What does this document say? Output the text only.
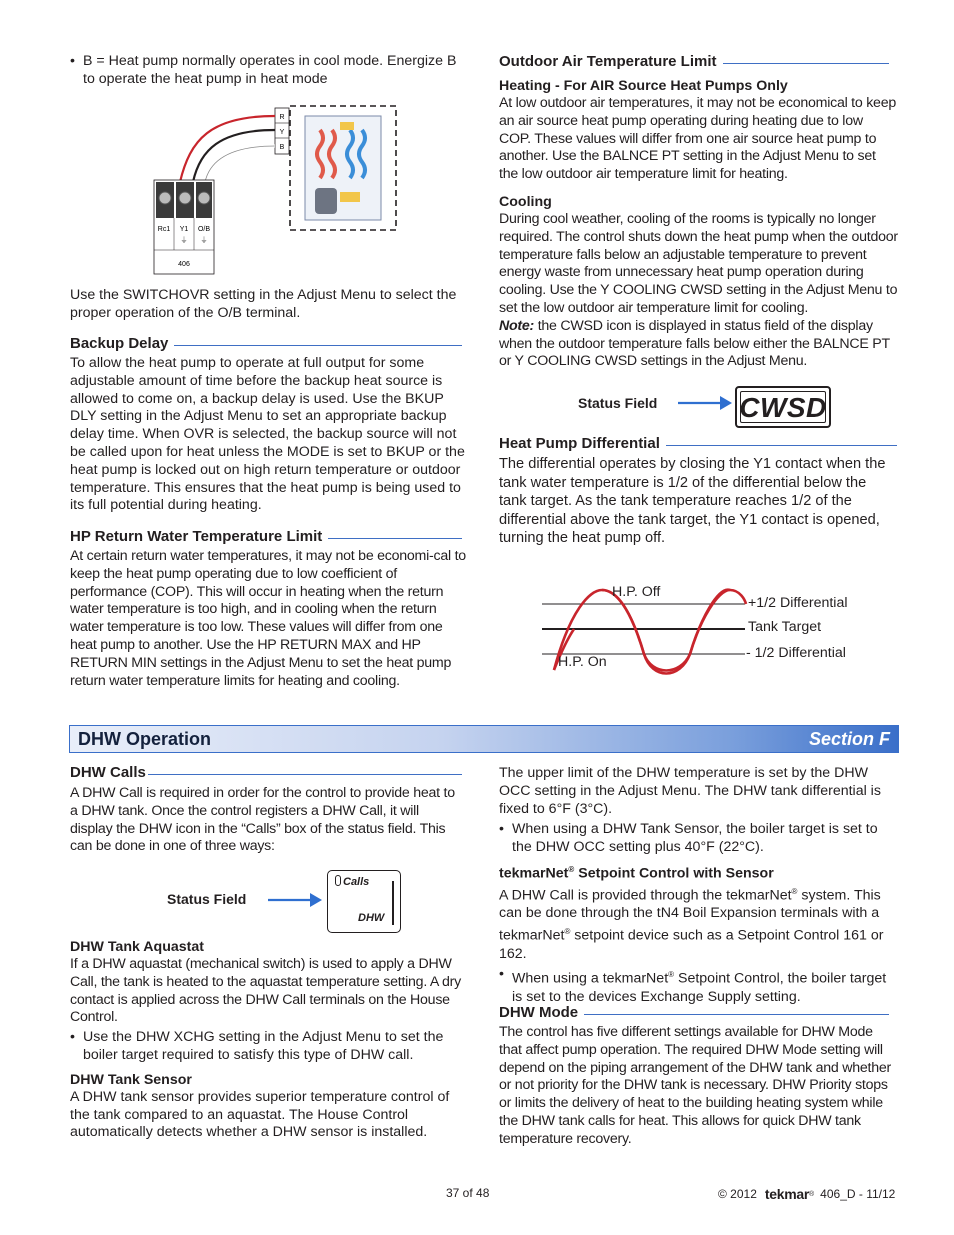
• B = Heat pump normally operates in cool mode. Energize B to operate the heat pump in heat mode
R
Y
B
Rc1 Y1 O/B
⏚ ⏚
406
Use the SWITCHOVR setting in the Adjust Menu to select the proper operation of the O/B terminal.
Backup Delay
To allow the heat pump to operate at full output for some adjustable amount of time before the backup heat source is allowed to come on, a backup delay is used. Use the BKUP DLY setting in the Adjust Menu to set an appropriate backup delay time. When OVR is selected, the backup source will not be called upon for heat unless the MODE is set to BKUP or the heat pump is locked out on high return temperature or outdoor temperature. This ensures that the heat pump is being used to its full potential during heating.
HP Return Water Temperature Limit
At certain return water temperatures, it may not be economi-cal to keep the heat pump operating due to low coefficient of performance (COP). This will occur in heating when the return water temperature is too high, and in cooling when the return water temperature is too low. These values will differ from one heat pump to another. Use the HP RETURN MAX and HP RETURN MIN settings in the Adjust Menu to set the heat pump return water temperature limits for heating and cooling.
Outdoor Air Temperature Limit
Heating - For AIR Source Heat Pumps Only
At low outdoor air temperatures, it may not be economical to keep an air source heat pump operating during heating due to low COP. These values will differ from one air source heat pump to another. Use the BALNCE PT setting in the Adjust Menu to set the low outdoor air temperature limit for heating.
Cooling
During cool weather, cooling of the rooms is typically no longer required. The control shuts down the heat pump when the outdoor temperature falls below an adjustable temperature to prevent energy waste from unnecessary heat pump operation during cooling. Use the Y COOLING CWSD setting in the Adjust Menu to set the low outdoor air temperature limit for cooling.
Note: the CWSD icon is displayed in status field of the display when the outdoor temperature falls below either the BALNCE PT or Y COOLING CWSD settings in the Adjust Menu.
Status Field	CWSD
Heat Pump Differential
The differential operates by closing the Y1 contact when the tank water temperature is 1/2 of the differential below the tank target. As the tank temperature reaches 1/2 of the differential above the tank target, the Y1 contact is opened, turning the heat pump off.
H.P. Off
H.P. On
+1/2 Differential
Tank Target
- 1/2 Differential
DHW Operation	Section F
DHW Calls
A DHW Call is required in order for the control to provide heat to a DHW tank. Once the control registers a DHW Call, it will display the DHW icon in the “Calls” box of the status field. This can be done in one of three ways:
Status Field
Calls
DHW
DHW Tank Aquastat
If a DHW aquastat (mechanical switch) is used to apply a DHW Call, the tank is heated to the aquastat temperature setting. A dry contact is applied across the DHW Call terminals on the House Control.
• Use the DHW XCHG setting in the Adjust Menu to set the boiler target required to satisfy this type of DHW call.
DHW Tank Sensor
A DHW tank sensor provides superior temperature control of the tank compared to an aquastat. The House Control automatically detects whether a DHW sensor is installed.
The upper limit of the DHW temperature is set by the DHW OCC setting in the Adjust Menu. The DHW tank differential is fixed to 6°F (3°C).
• When using a DHW Tank Sensor, the boiler target is set to the DHW OCC setting plus 40°F (22°C).
tekmarNet® Setpoint Control with Sensor
A DHW Call is provided through the tekmarNet® system. This can be done through the tN4 Boil Expansion terminals with a tekmarNet® setpoint device such as a Setpoint Control 161 or 162.
• When using a tekmarNet® Setpoint Control, the boiler target is set to the devices Exchange Supply setting.
DHW Mode
The control has five different settings available for DHW Mode that affect pump operation. The required DHW Mode setting will depend on the piping arrangement of the DHW tank and whether or not priority for the DHW tank is necessary. DHW Priority stops or limits the delivery of heat to the building heating system while the DHW tank calls for heat. This allows for quick DHW tank temperature recovery.
37 of 48	© 2012 tekmar ® 406_D - 11/12
